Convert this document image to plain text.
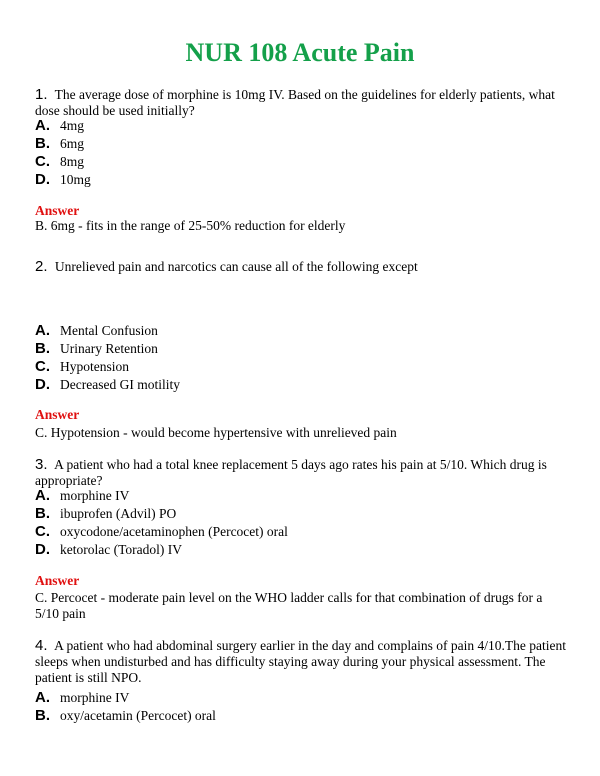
NUR 108 Acute Pain
1. The average dose of morphine is 10mg IV. Based on the guidelines for elderly patients, what dose should be used initially?
A. 4mg
B. 6mg
C. 8mg
D. 10mg
Answer
B. 6mg - fits in the range of 25-50% reduction for elderly
2. Unrelieved pain and narcotics can cause all of the following except
A. Mental Confusion
B. Urinary Retention
C. Hypotension
D. Decreased GI motility
Answer
C. Hypotension - would become hypertensive with unrelieved pain
3. A patient who had a total knee replacement 5 days ago rates his pain at 5/10. Which drug is appropriate?
A. morphine IV
B. ibuprofen (Advil) PO
C. oxycodone/acetaminophen (Percocet) oral
D. ketorolac (Toradol) IV
Answer
C. Percocet - moderate pain level on the WHO ladder calls for that combination of drugs for a 5/10 pain
4. A patient who had abdominal surgery earlier in the day and complains of pain 4/10.The patient sleeps when undisturbed and has difficulty staying away during your physical assessment. The patient is still NPO.
A. morphine IV
B. oxy/acetamin (Percocet) oral
